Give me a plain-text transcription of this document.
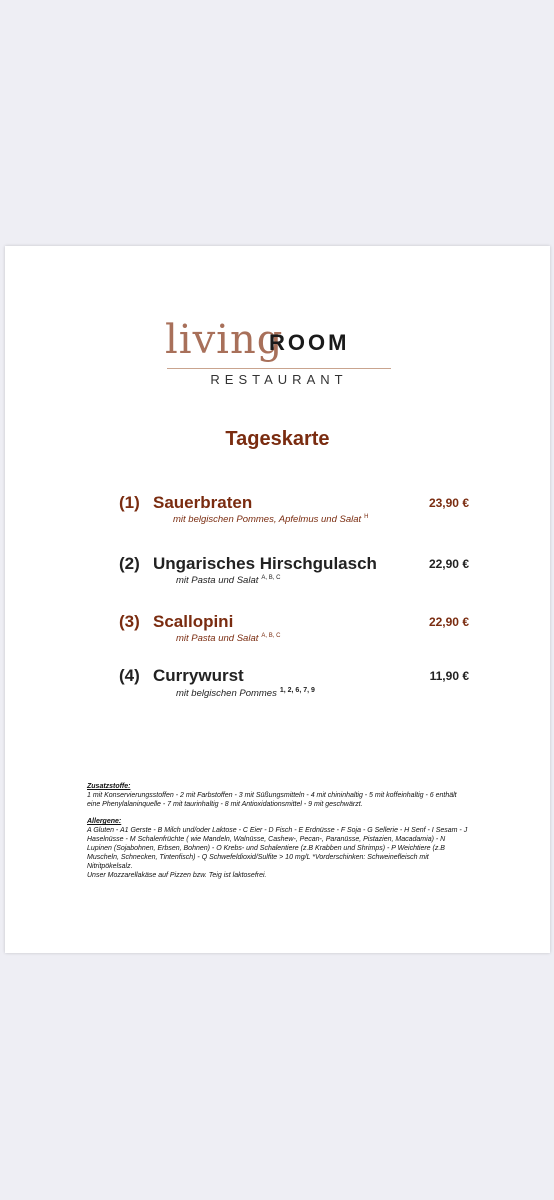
living
ROOM
RESTAURANT
Tageskarte
(1) Sauerbraten	23,90 €
mit belgischen Pommes, Apfelmus und Salat $^H$
(2) Ungarisches Hirschgulasch	22,90 €
mit Pasta und Salat $^{A, B, C}$
(3) Scallopini	22,90 €
mit Pasta und Salat $^{A, B, C}$
(4) Currywurst	11,90 €
mit belgischen Pommes $^{1, 2, 6, 7, 9}$

Zusatzstoffe:

1 mit Konservierungsstoffen - 2 mit Farbstoffen - 3 mit Süßungsmitteln - 4 mit chininhaltig - 5 mit koffeinhaltig - 6 enthält eine Phenylalaninquelle - 7 mit taurinhaltig - 8 mit Antioxidationsmittel - 9 mit geschwärzt.

Allergene:

A Gluten - A1 Gerste - B Milch und/oder Laktose - C Eier - D Fisch - E Erdnüsse - F Soja - G Sellerie - H Senf - I Sesam - J Haselnüsse - M Schalenfrüchte ( wie Mandeln, Walnüsse, Cashew-, Pecan-, Paranüsse, Pistazien, Macadamia) - N Lupinen (Sojabohnen, Erbsen, Bohnen) - O Krebs- und Schalentiere (z.B Krabben und Shrimps) - P Weichtiere (z.B Muscheln, Schnecken, Tintenfisch) - Q Schwefeldioxid/Sulfite > 10 mg/L *Vorderschinken: Schweinefleisch mit Nitritpökelsalz.

Unser Mozzarellakäse auf Pizzen bzw. Teig ist laktosefrei.
